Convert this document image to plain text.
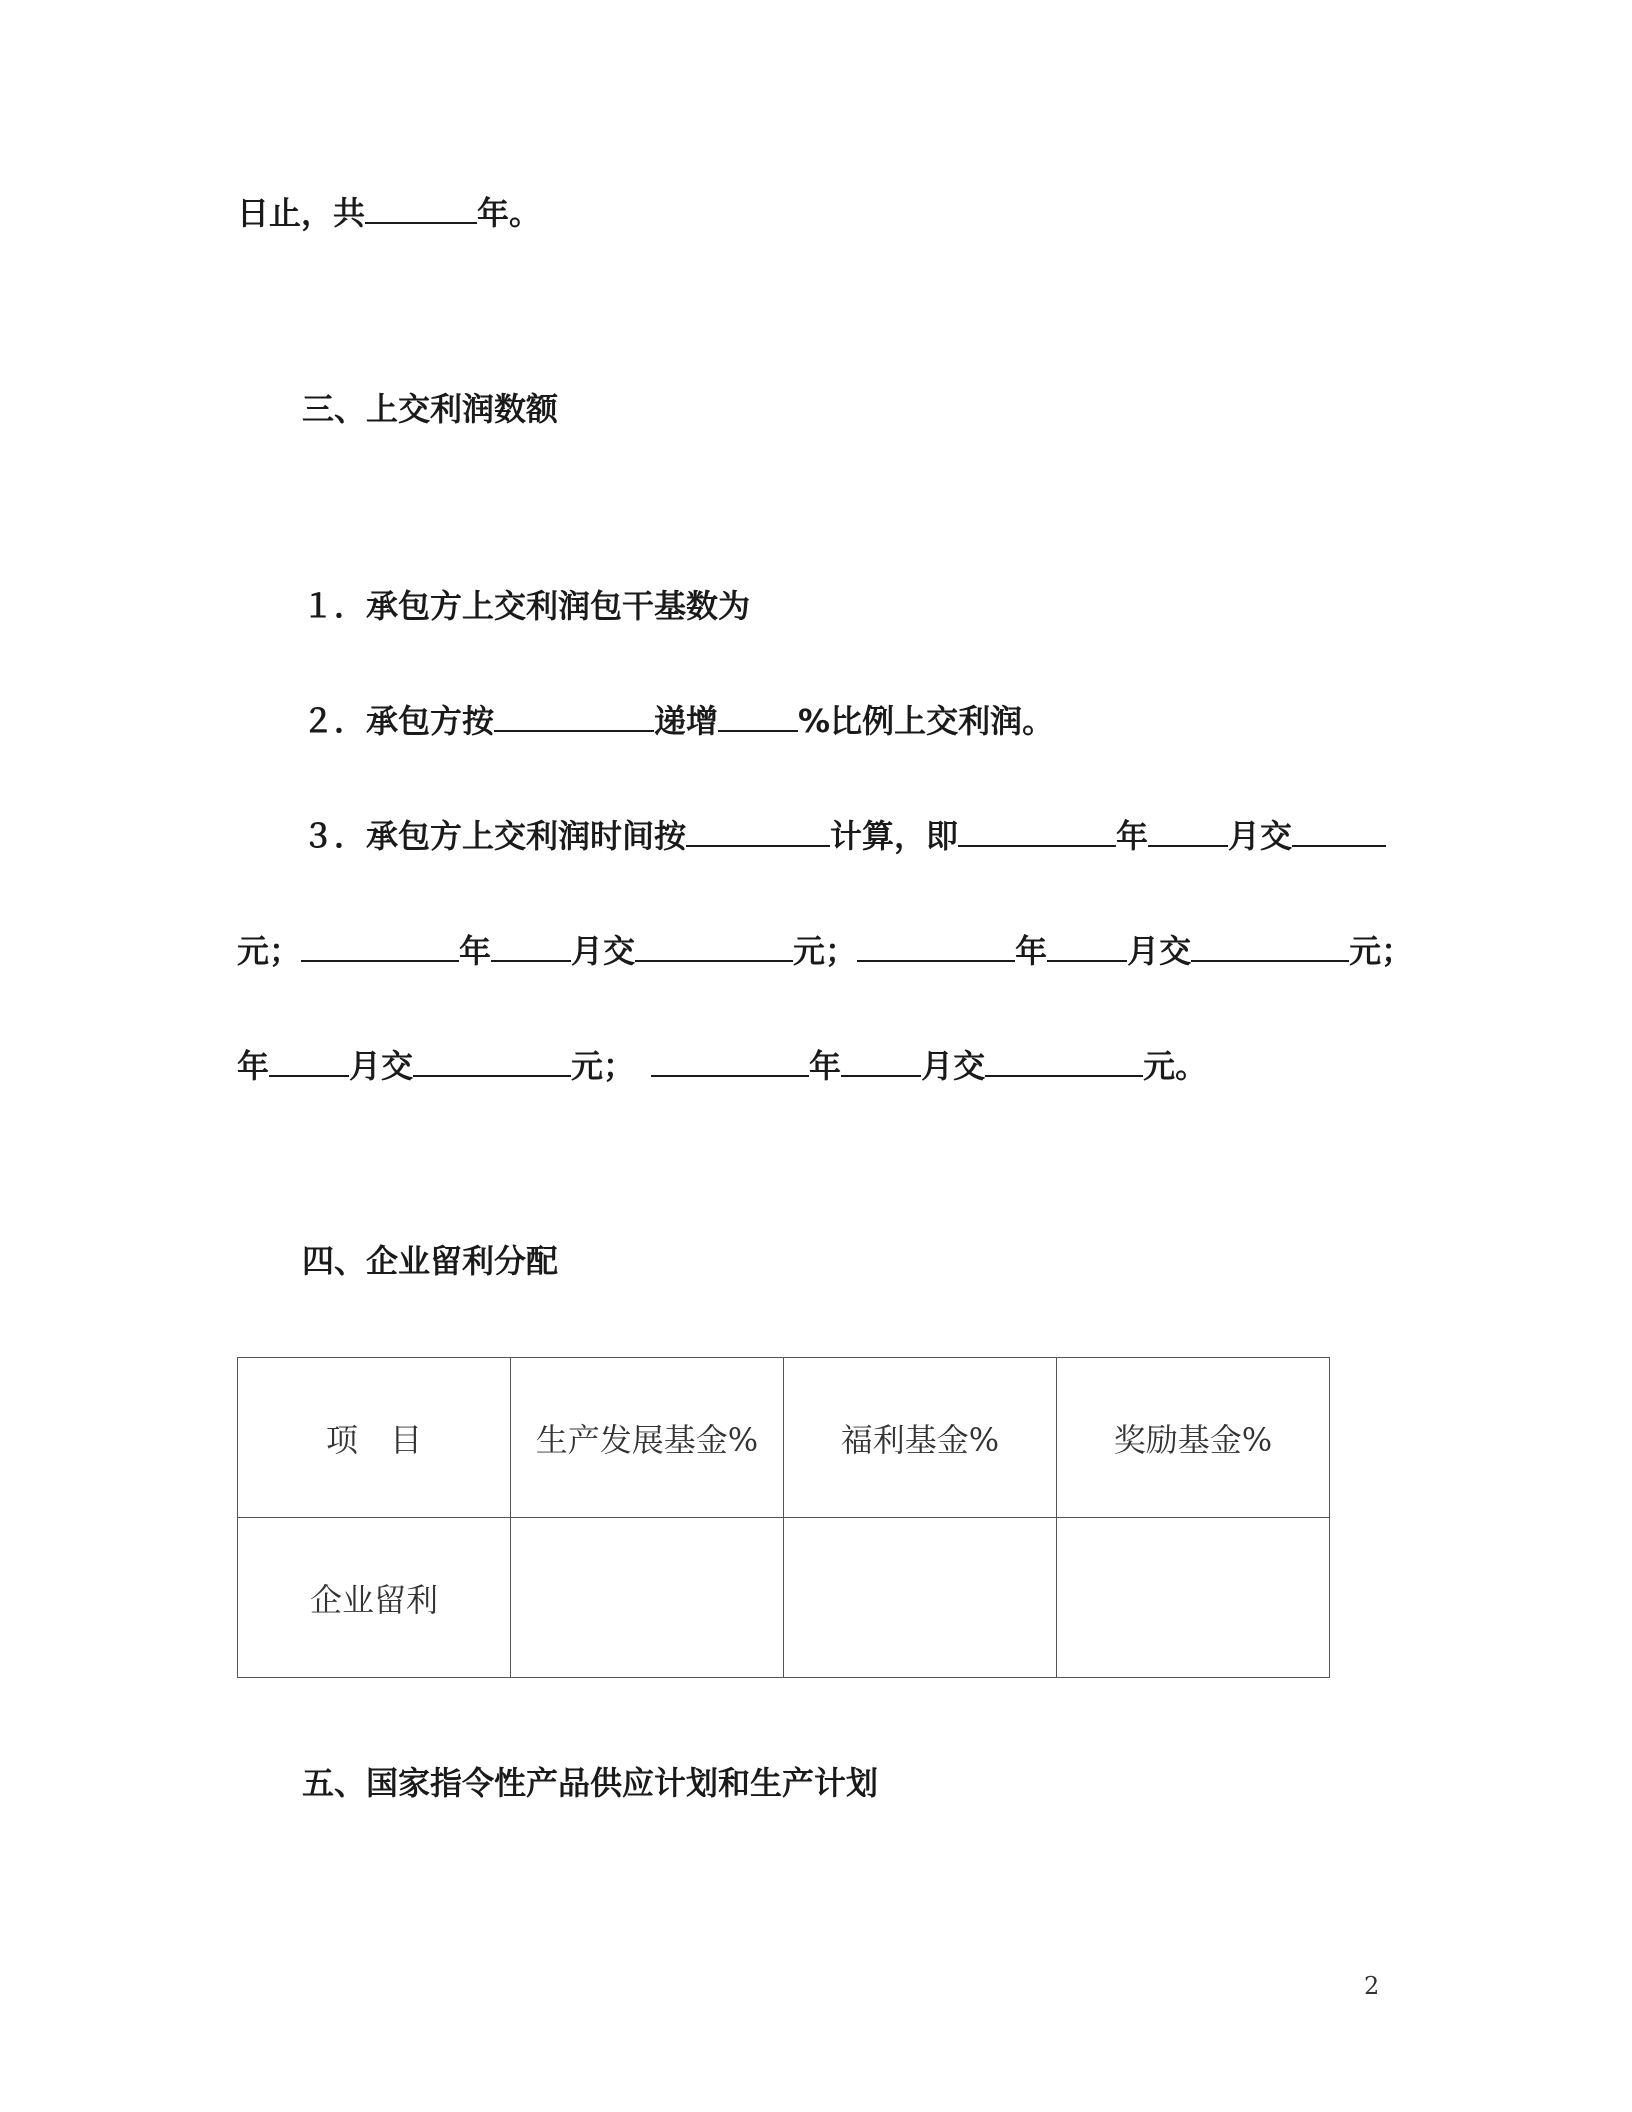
日止，共	年。
三、上交利润数额
１．承包方上交利润包干基数为
２．承包方按	递增	%比例上交利润。
３．承包方上交利润时间按	计算，即	年	月交
元；	年	月交	元；	年	月交	元；
年	月交	元；	年	月交	元。
四、企业留利分配
项　目	生产发展基金%	福利基金%	奖励基金%
企业留利			
五、国家指令性产品供应计划和生产计划
2
